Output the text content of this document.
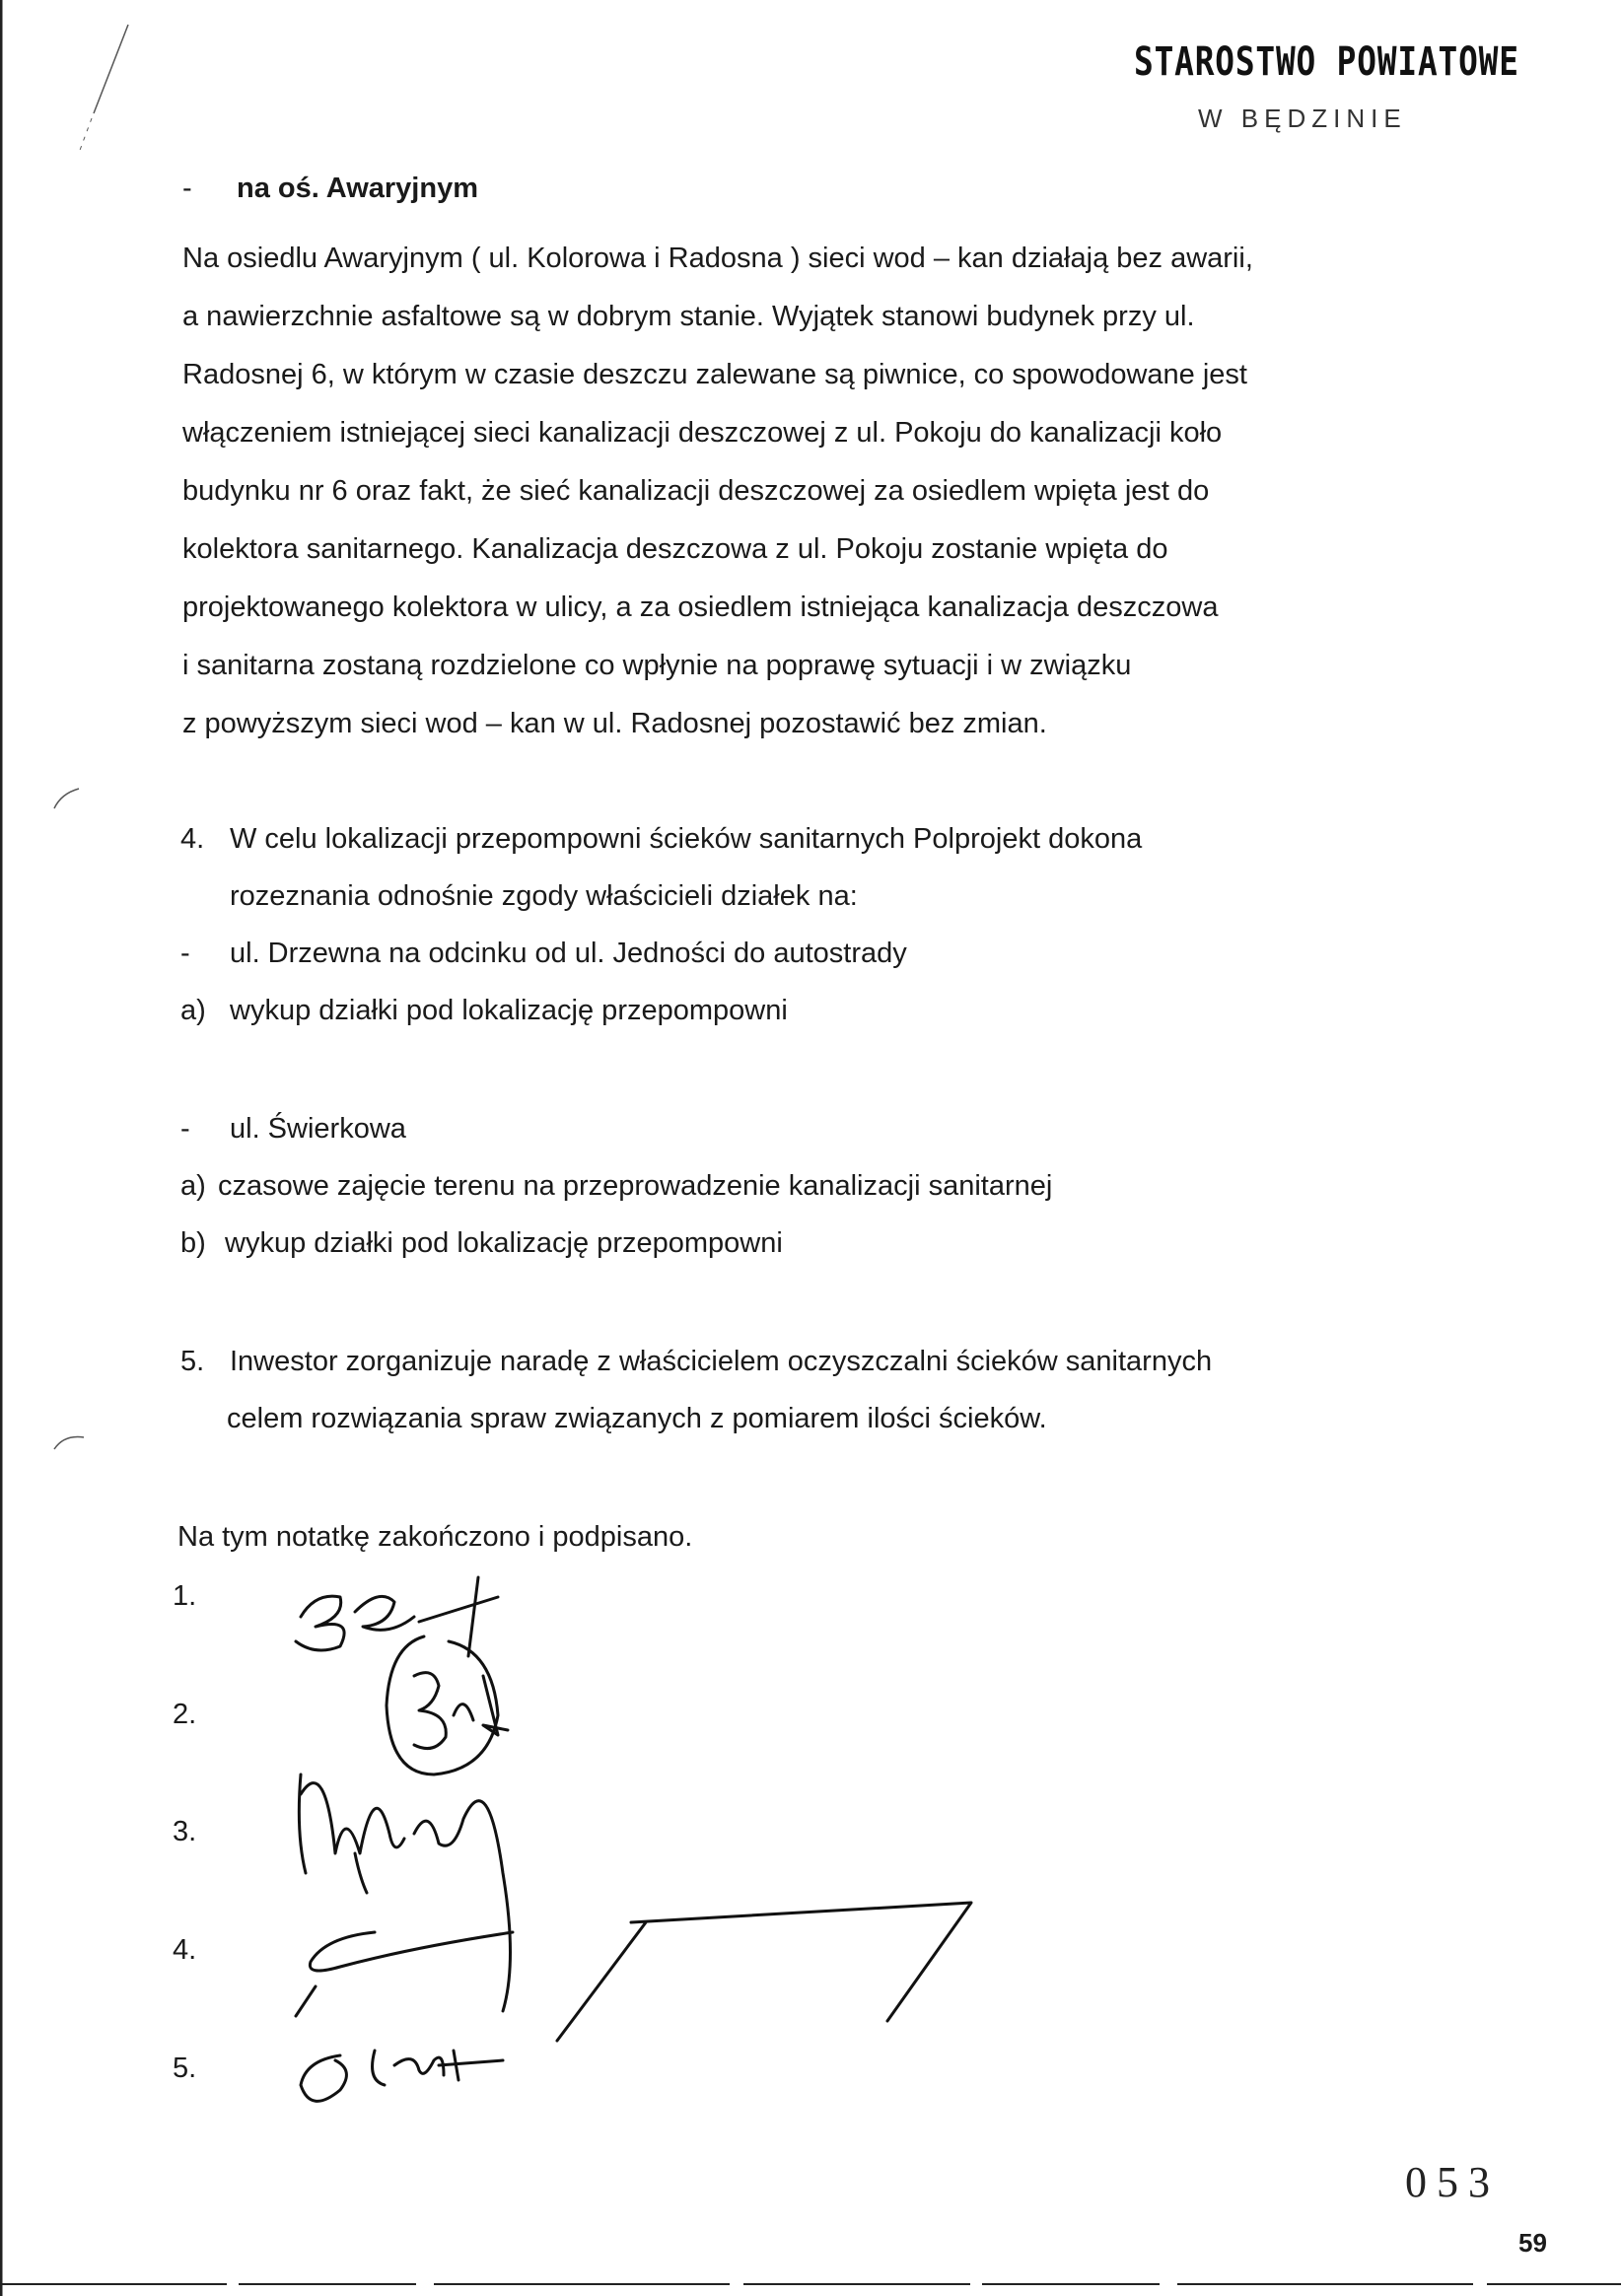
STAROSTWO POWIATOWE
W BĘDZINIE
- na oś. Awaryjnym

Na osiedlu Awaryjnym ( ul. Kolorowa i Radosna ) sieci wod – kan działają bez awarii,

a nawierzchnie asfaltowe są w dobrym stanie. Wyjątek stanowi budynek przy ul.

Radosnej 6, w którym w czasie deszczu zalewane są piwnice, co spowodowane jest

włączeniem istniejącej sieci kanalizacji deszczowej z ul. Pokoju do kanalizacji koło

budynku nr 6 oraz fakt, że sieć kanalizacji deszczowej za osiedlem wpięta jest do

kolektora sanitarnego. Kanalizacja deszczowa z ul. Pokoju zostanie wpięta do

projektowanego kolektora w ulicy, a za osiedlem istniejąca kanalizacja deszczowa

i sanitarna zostaną rozdzielone co wpłynie na poprawę sytuacji i w związku

z powyższym sieci wod – kan w ul. Radosnej pozostawić bez zmian.

4. W celu lokalizacji przepompowni ścieków sanitarnych Polprojekt dokona
rozeznania odnośnie zgody właścicieli działek na:
- ul. Drzewna na odcinku od ul. Jedności do autostrady
a) wykup działki pod lokalizację przepompowni
- ul. Świerkowa
a) czasowe zajęcie terenu na przeprowadzenie kanalizacji sanitarnej
b) wykup działki pod lokalizację przepompowni
5. Inwestor zorganizuje naradę z właścicielem oczyszczalni ścieków sanitarnych
celem rozwiązania spraw związanych z pomiarem ilości ścieków.
Na tym notatkę zakończono i podpisano.
1.
2.
3.
4.
5.
053
59
